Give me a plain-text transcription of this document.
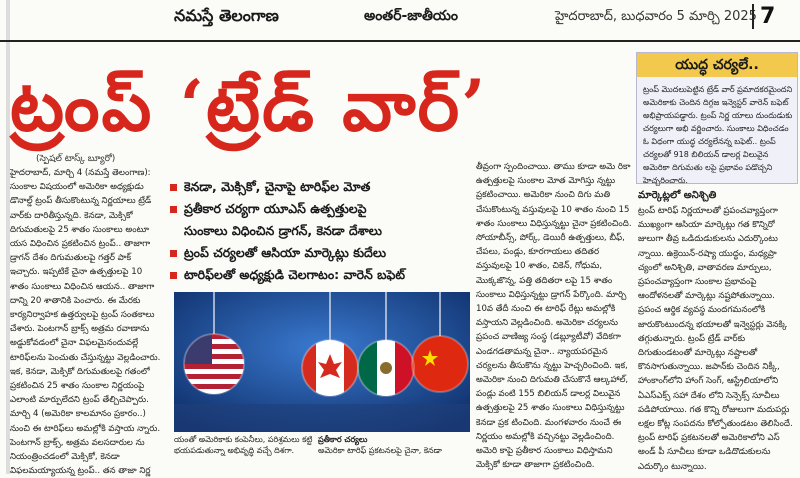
నమస్తే తెలంగాణ	అంతర్‌-జాతీయం	హైదరాబాద్‌, బుధవారం 5 మార్చి 2025 7
ట్రంప్‌ ‘ట్రేడ్‌ వార్‌’	యుద్ధ చర్యలే..
ట్రంప్‌ మొదలుపెట్టిన ట్రేడ్‌ వార్‌ ప్రమాదకరమైందని అమెరికాకు చెందిన దిగ్గజ ఇన్వెస్టర్‌ వారెన్‌ బఫెట్‌ అభిప్రాయపడ్డారు. ట్రంప్‌ నిర్ణ యాలు దుందుడుకు చర్యలుగా అభి వర్ణించారు. సుంకాలు విధించడం ఓ విధంగా యుద్ధ చర్యలేనన్న బఫెట్‌.. ట్రంప్‌ చర్యలతో 918 బిలియన్‌ డాలర్ల విలువైన అమెరికా దిగుమతు లపై ప్రభావం పడొచ్చని హెచ్చరించారు.
(స్పెషల్‌ టాస్క్‌ బ్యూరో)
హైదరాబాద్‌, మార్చి 4 (నమస్తే తెలంగాణ): సుంకాల విషయంలో అమెరికా అధ్యక్షుడు డొనాల్డ్‌ ట్రంప్‌ తీసుకొంటున్న నిర్ణయాలు ట్రేడ్‌ వార్‌కు దారితీస్తున్నది. కెనడా, మెక్సికో దిగుమతులపై 25 శాతం సుంకాలు అంటూ యస విధించిన ప్రకటించిన ట్రంప్‌.. తాజాగా డ్రాగన్‌ దేశం దిగుమతులపై గత్తర్‌ పాక్‌ ఇచ్చారు. ఇప్పటికే చైనా ఉత్పత్తులపై 10 శాతం సుంకాలు విధించిన ఆయన.. తాజాగా దాన్ని 20 శాతానికి పెంచారు. ఈ మేరకు కార్యనిర్వాహక ఉత్తర్వులపై ట్రంప్‌ సంతకాలు చేశారు. పెంటగాన్‌ బ్రాక్స్‌ అత్రమ రవాణాను అడ్డుకోవడంలో చైనా విఫలమైనందువల్లే టారిఫ్‌లను పెంచుతు చేస్తున్నట్టు వెల్లడించారు. ఇక, కెనడా, మెక్సికో దిగుమతులపై గతంలో ప్రకటించిన 25 శాతం సుంకాల నిర్ణయంపై ఎలాంటి మార్పులేదని ట్రంప్‌ తేల్చిచెప్పారు. మార్చి 4 (అమెరికా కాలమానం ప్రకారం..) నుంచి ఈ టారిఫ్‌లు అమల్లోకి వస్తాయ న్నారు. పెంటగాన్‌ బ్రాక్స్‌, అత్రమ వలసదారుల ను నియంత్రించడంలో మెక్సికో, కెనడా విఫలమయ్యాయన్న ట్రంప్‌.. తన తాజా నిర్ణ
కెనడా, మెక్సికో, చైనాపై టారిఫ్‌ల మోత
ప్రతీకార చర్యగా యూఎస్‌ ఉత్పత్తులపై
సుంకాలు విధించిన డ్రాగన్‌, కెనడా దేశాలు
ట్రంప్‌ చర్యలతో ఆసియా మార్కెట్లు కుదేలు
టారిఫ్‌లతో అధ్యక్షుడి చెలగాటం: వారెన్‌ బఫెట్‌
యంతో అమెరికాకు కంపెనీలు, పరిశ్రమలు కట్టి భయపడుతున్నా అభివృద్ధి వచ్చే దిశగా.
ప్రతీకార చర్యలు
అమెరికా టారిఫ్‌ ప్రకటనలపై చైనా, కెనడా
తీవ్రంగా స్పందించాయి. తాము కూడా అమె రికా ఉత్పత్తులపై సుంకాల మోత మోగిస్తు న్నట్టు ప్రకటించాయి. అమెరికా నుంచి దిగు మతి చేసుకొంటున్న వస్తువులపై 10 శాతం నుంచి 15 శాతం సుంకాలు విధిస్తున్నట్టు చైనా ప్రకటించింది. సోయాబీన్స్‌, పోర్క్‌, డెయిరీ ఉత్పత్తులు, బీఫ్‌, చేపలు, పండ్లు, కూరగాయలు తదితర వస్తువులపై 10 శాతం, చికెన్‌, గోధుమ, మొక్కజొన్న, పత్తి తదితరా లపై 15 శాతం సుంకాలు విధిస్తున్నట్టు డ్రాగన్‌ పేర్కొంది. మార్చి 10వ తేదీ నుంచి ఈ టారిఫ్‌ రేట్లు అమల్లోకి వస్తాయని వెల్లడించింది. అమెరికా చర్యలను ప్రపంచ వాణిజ్య సంస్థ (డబ్ల్యూటీవో) వేదికగా ఎండగడతామన్న చైనా.. న్యాయపరమైన చర్యలను తీసుకొను న్నట్టు హెచ్చరించింది. ఇక, అమెరికా నుంచి దిగుమతి చేసుకొనే ఆల్కహాల్‌, పండ్లు వంటి 155 బిలియన్‌ డాలర్ల విలువైన ఉత్పత్తులపై 25 శాతం సుంకాలు విధిస్తున్నట్టు కెనడా ప్రక టించింది. మంగళవారం నుంచే ఈ నిర్ణయం అమల్లోకి వచ్చినట్టు వెల్లడించింది. అమెరి కాపై ప్రతీకార సుంకాలు విధిస్తామని మెక్సికో కూడా తాజాగా ప్రకటించింది.
మార్కెట్లలో అనిశ్చితి
ట్రంప్‌ టారిఫ్‌ నిర్ణయాలతో ప్రపంచవ్యాప్తంగా ముఖ్యంగా ఆసియా మార్కెట్లు గత కొన్నిరో జులుగా తీవ్ర ఒడిదుడుకులను ఎదుర్కొంటు న్నాయి. ఉక్రెయిన్‌-రష్యా యుద్ధం, మధ్యప్రా చ్యంలో అనిశ్చితి, వాతావరణ మార్పులు, ప్రపంచవ్యాప్తంగా సుంకాల ప్రభావంపై ఆందోళనలతో మార్కెట్లు నష్టపోతున్నాయి. ప్రపంచ ఆర్థిక వ్యవస్థ మందగమనంలోకి జారుకొంటుందన్న భయాలతో ఇన్వెస్టర్లు వెనక్కి తగ్గుతున్నారు. ట్రంప్‌ ట్రేడ్‌ వార్‌కు దిగుతుండటంతో మార్కెట్లు నష్టాలతో కొనసాగుతున్నాయి. జపాన్‌కు చెందిన నిక్కీ, హాంకాంగ్‌లోని హాంగ్‌ సెంగ్‌, ఆస్ట్రేలియాలోని ఏఎస్‌ఎక్స్‌ సహా దేశం లోని సెన్సెక్స్‌ సూచీలు పడిపోయాయి. గత కొన్ని రోజులుగా మదుపర్లు లక్షల కోట్ల సంపదను కోల్పోతుండటం తెలిసిందే. ట్రంప్‌ టారిఫ్‌ ప్రకటనలతో అమెరికాలోని ఎస్‌ అండ్‌ పీ సూచీలు కూడా ఒడిదొడుకులను ఎదుర్కొం టున్నాయి.
